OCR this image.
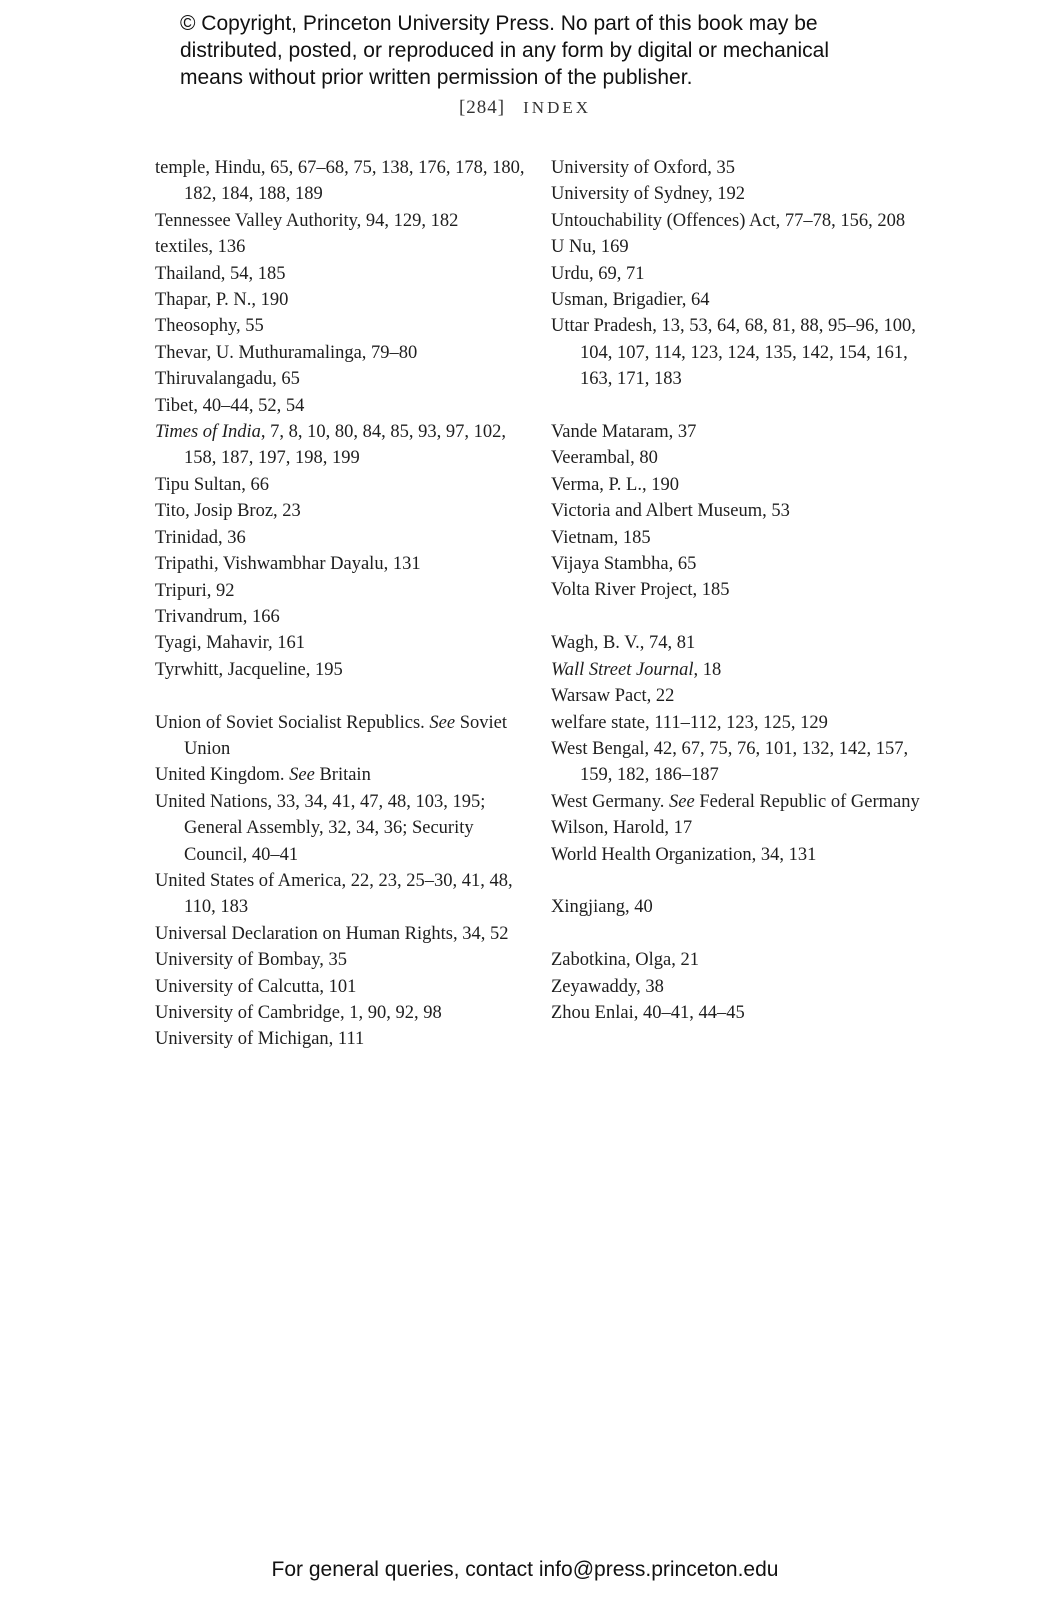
© Copyright, Princeton University Press. No part of this book may be
distributed, posted, or reproduced in any form by digital or mechanical
means without prior written permission of the publisher.
[284] INDEX
temple, Hindu, 65, 67–68, 75, 138, 176, 178, 180, 182, 184, 188, 189
Tennessee Valley Authority, 94, 129, 182
textiles, 136
Thailand, 54, 185
Thapar, P. N., 190
Theosophy, 55
Thevar, U. Muthuramalinga, 79–80
Thiruvalangadu, 65
Tibet, 40–44, 52, 54
Times of India, 7, 8, 10, 80, 84, 85, 93, 97, 102, 158, 187, 197, 198, 199
Tipu Sultan, 66
Tito, Josip Broz, 23
Trinidad, 36
Tripathi, Vishwambhar Dayalu, 131
Tripuri, 92
Trivandrum, 166
Tyagi, Mahavir, 161
Tyrwhitt, Jacqueline, 195
Union of Soviet Socialist Republics. See Soviet Union
United Kingdom. See Britain
United Nations, 33, 34, 41, 47, 48, 103, 195; General Assembly, 32, 34, 36; Security Council, 40–41
United States of America, 22, 23, 25–30, 41, 48, 110, 183
Universal Declaration on Human Rights, 34, 52
University of Bombay, 35
University of Calcutta, 101
University of Cambridge, 1, 90, 92, 98
University of Michigan, 111
University of Oxford, 35
University of Sydney, 192
Untouchability (Offences) Act, 77–78, 156, 208
U Nu, 169
Urdu, 69, 71
Usman, Brigadier, 64
Uttar Pradesh, 13, 53, 64, 68, 81, 88, 95–96, 100, 104, 107, 114, 123, 124, 135, 142, 154, 161, 163, 171, 183
Vande Mataram, 37
Veerambal, 80
Verma, P. L., 190
Victoria and Albert Museum, 53
Vietnam, 185
Vijaya Stambha, 65
Volta River Project, 185
Wagh, B. V., 74, 81
Wall Street Journal, 18
Warsaw Pact, 22
welfare state, 111–112, 123, 125, 129
West Bengal, 42, 67, 75, 76, 101, 132, 142, 157, 159, 182, 186–187
West Germany. See Federal Republic of Germany
Wilson, Harold, 17
World Health Organization, 34, 131
Xingjiang, 40
Zabotkina, Olga, 21
Zeyawaddy, 38
Zhou Enlai, 40–41, 44–45
For general queries, contact info@press.princeton.edu
